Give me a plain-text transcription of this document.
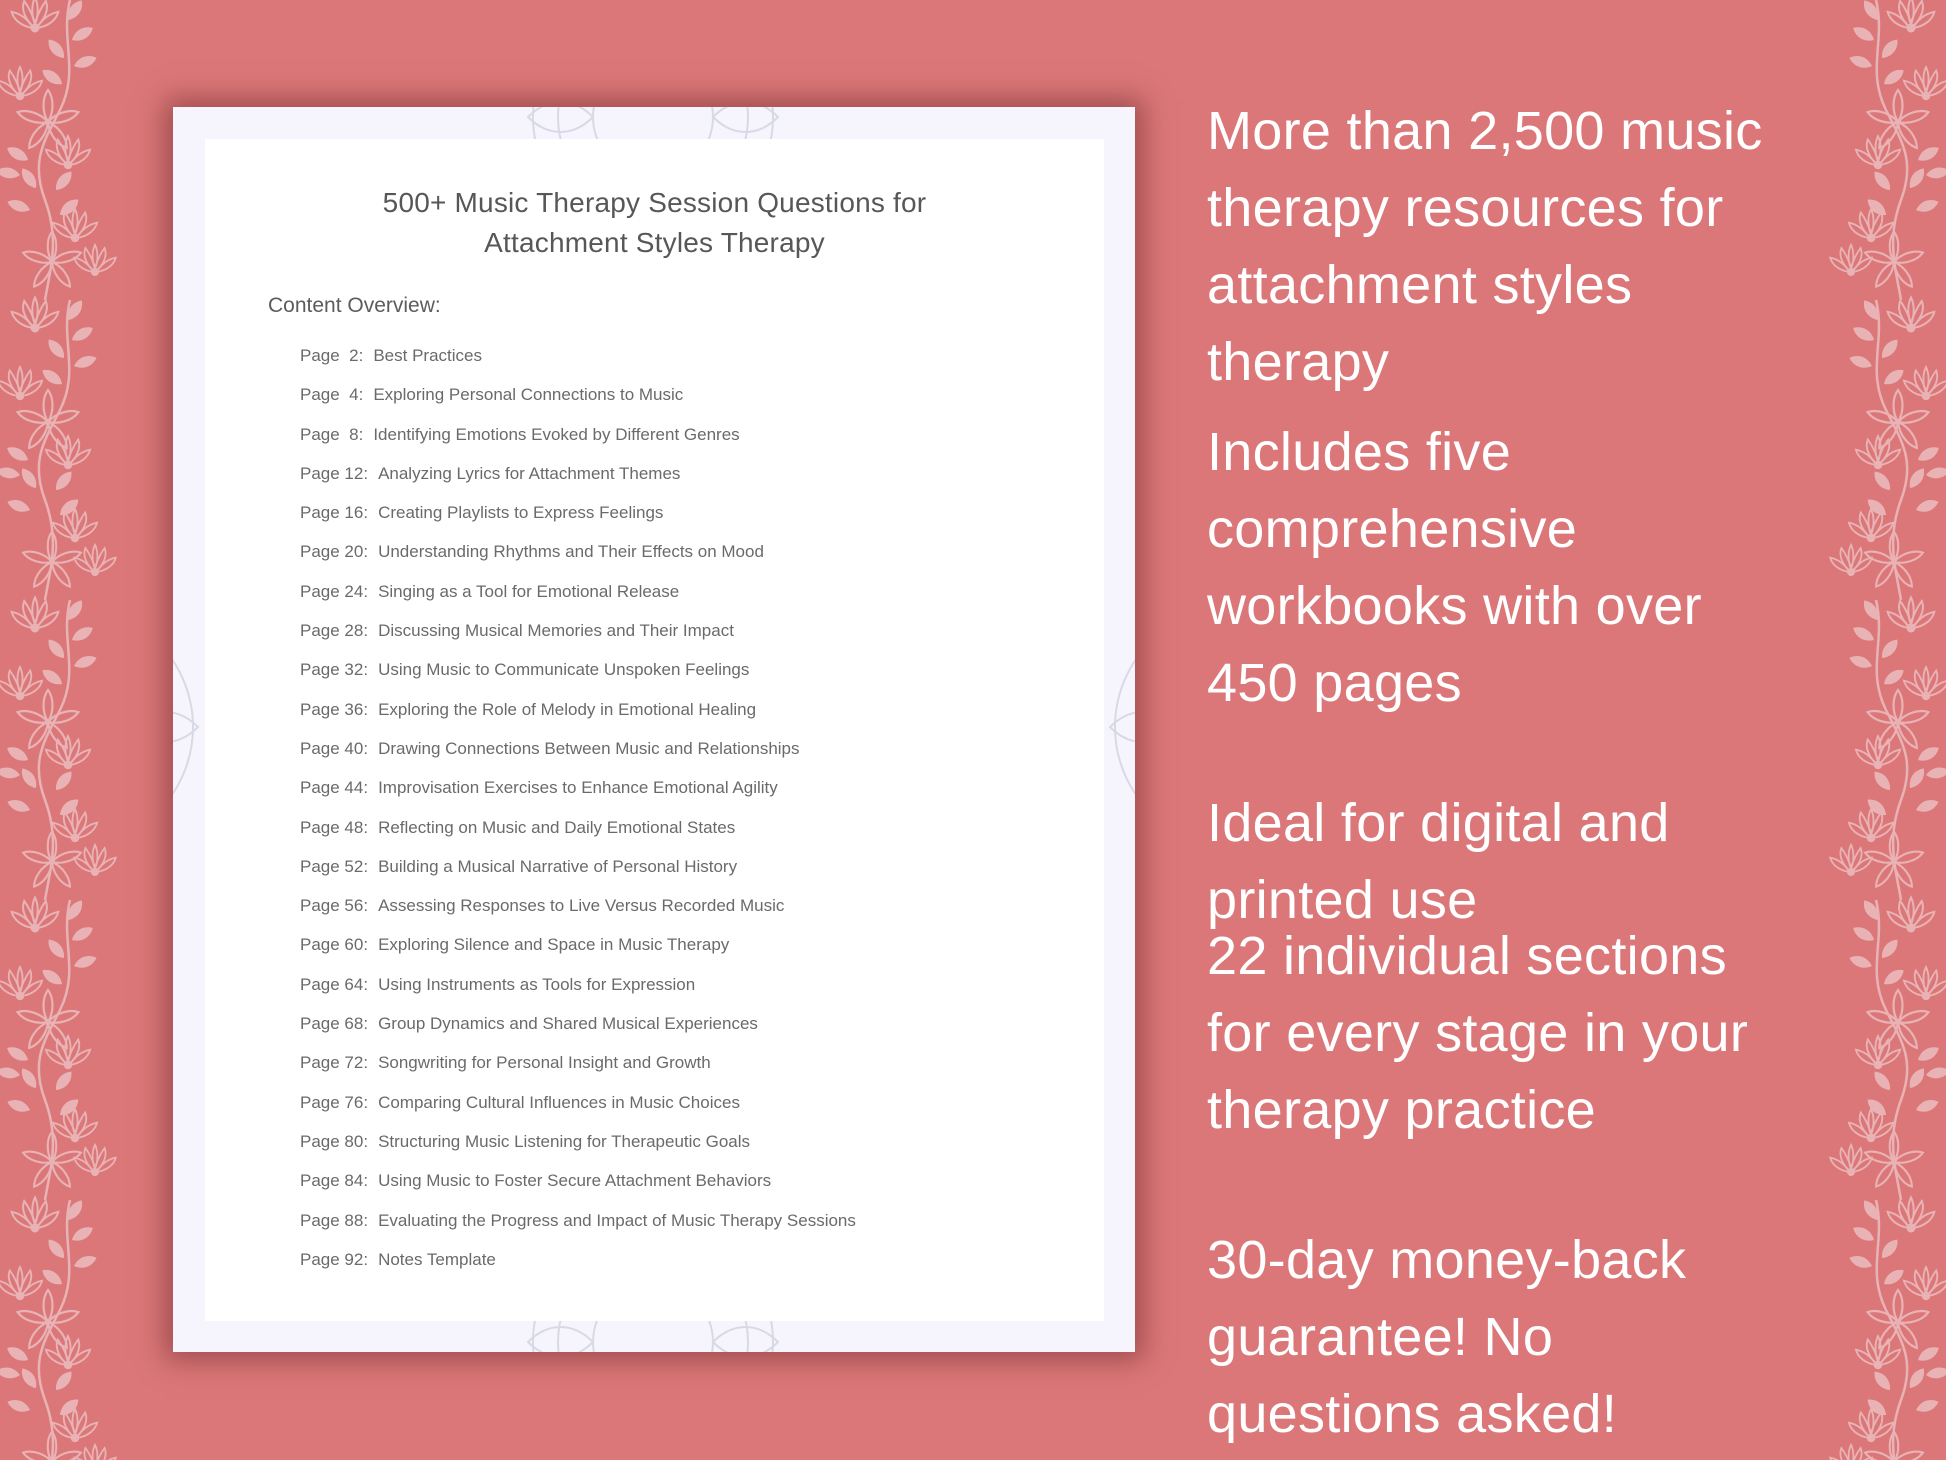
500+ Music Therapy Session Questions for
Attachment Styles Therapy
Content Overview:
Page  2: Best Practices
Page  4: Exploring Personal Connections to Music
Page  8: Identifying Emotions Evoked by Different Genres
Page 12: Analyzing Lyrics for Attachment Themes
Page 16: Creating Playlists to Express Feelings
Page 20: Understanding Rhythms and Their Effects on Mood
Page 24: Singing as a Tool for Emotional Release
Page 28: Discussing Musical Memories and Their Impact
Page 32: Using Music to Communicate Unspoken Feelings
Page 36: Exploring the Role of Melody in Emotional Healing
Page 40: Drawing Connections Between Music and Relationships
Page 44: Improvisation Exercises to Enhance Emotional Agility
Page 48: Reflecting on Music and Daily Emotional States
Page 52: Building a Musical Narrative of Personal History
Page 56: Assessing Responses to Live Versus Recorded Music
Page 60: Exploring Silence and Space in Music Therapy
Page 64: Using Instruments as Tools for Expression
Page 68: Group Dynamics and Shared Musical Experiences
Page 72: Songwriting for Personal Insight and Growth
Page 76: Comparing Cultural Influences in Music Choices
Page 80: Structuring Music Listening for Therapeutic Goals
Page 84: Using Music to Foster Secure Attachment Behaviors
Page 88: Evaluating the Progress and Impact of Music Therapy Sessions
Page 92: Notes Template
More than 2,500 music
therapy resources for
attachment styles
therapy
Includes five
comprehensive
workbooks with over
450 pages
Ideal for digital and
printed use
22 individual sections
for every stage in your
therapy practice
30-day money-back
guarantee! No
questions asked!
